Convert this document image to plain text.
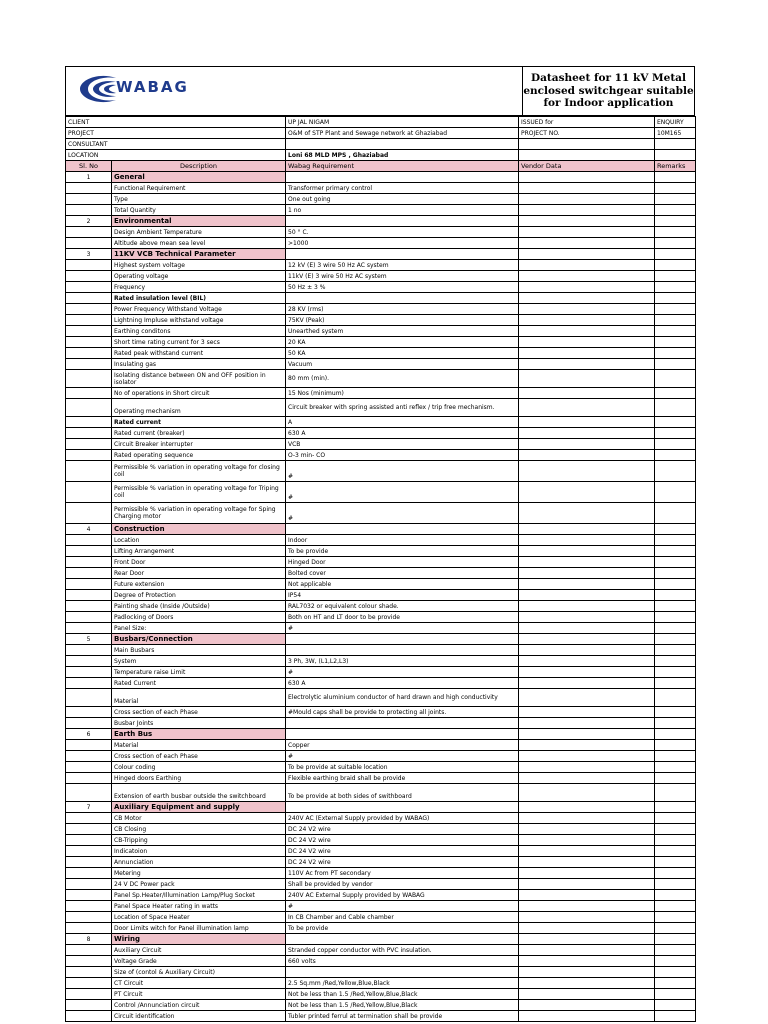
WABAG	Datasheet for 11 kV Metal
enclosed switchgear suitable
for Indoor application
CLIENT		UP JAL NIGAM	ISSUED for	ENQUIRY
PROJECT		O&M of STP Plant and Sewage network at Ghaziabad	PROJECT NO.	10M165
CONSULTANT				
LOCATION		Loni 68 MLD MPS , Ghaziabad		
Sl. No	Description	Wabag Requirement	Vendor Data	Remarks
1	General			
	Functional Requirement	Transformer primary control		
	Type	One out going		
	Total Quantity	1 no		
2	Environmental			
	Design Ambient Temperature	50 ° C.		
	Altitude above mean sea level	>1000		
3	11KV VCB Technical Parameter			
	Highest system voltage	12 kV (E) 3 wire 50 Hz AC system		
	Operating voltage	11kV (E) 3 wire 50 Hz AC system		
	Frequency	50 Hz ± 3 %		
	Rated insulation level (BIL)			
	Power Frequency Withstand Voltage	28 KV (rms)		
	Lightning Impluse withstand voltage	75KV (Peak)		
	Earthing conditons	Unearthed system		
	Short time rating current for 3 secs	20 KA		
	Rated peak withstand current	50 KA		
	Insulating gas	Vacuum		
	Isolating distance between ON and OFF position in isolator	80 mm (min).		
	No of operations in Short circuit	15 Nos (minimum)		
	Operating mechanism	Circuit breaker with spring assisted anti reflex / trip free mechanism.		
	Rated current	A		
	Rated current (breaker)	630 A		
	Circuit Breaker interrupter	VCB		
	Rated operating sequence	O-3 min- CO		
	Permissible % variation in operating voltage for closing coil	#		
	Permissible % variation in operating voltage for Triping coil	#		
	Permissible % variation in operating voltage for Sping Charging motor	#		
4	Construction			
	Location	Indoor		
	Lifting Arrangement	To be provide		
	Front Door	Hinged Door		
	Rear Door	Bolted cover		
	Future extension	Not applicable		
	Degree of Protection	IP54		
	Painting shade (Inside /Outside)	RAL7032 or equivalent colour shade.		
	Padlocking of Doors	Both on HT and LT door to be provide		
	Panel Size:	#		
5	Busbars/Connection			
	Main Busbars			
	System	3 Ph, 3W, (L1,L2,L3)		
	Temperature raise Limit	#		
	Rated Current	630 A		
	Material	Electrolytic aluminium conductor of hard drawn and high conductivity		
	Cross section of each Phase	#Mould caps shall be provide to protecting all joints.		
	Busbar Joints			
6	Earth Bus			
	Material	Copper		
	Cross section of each Phase	#		
	Colour coding	To be provide at suitable location		
	Hinged doors Earthing	Flexible earthing braid shall be provide		
	Extension of earth busbar outside the switchboard	To be provide at both sides of swithboard		
7	Auxiliary Equipment and supply			
	CB Motor	240V AC (External Supply provided by WABAG)		
	CB Closing	DC 24 V2 wire		
	CB-Tripping	DC 24 V2 wire		
	Indicatoion	DC 24 V2 wire		
	Annunciation	DC 24 V2 wire		
	Metering	110V Ac from PT secondary		
	24 V DC Power pack	Shall be provided by vendor		
	Panel Sp.Heater/Illumination Lamp/Plug Socket	240V AC External Supply provided by WABAG		
	Panel Space Heater rating in watts	#		
	Location of Space Heater	In CB Chamber and Cable chamber		
	Door Limits witch for Panel illumination lamp	To be provide		
8	Wiring			
	Auxiliary Circuit	Stranded copper conductor with PVC insulation.		
	Voltage Grade	660 volts		
	Size of (contol & Auxiliary Circuit)			
	CT Circuit	2.5 Sq.mm /Red,Yellow,Blue,Black		
	PT Circuit	Not be less than 1.5 /Red,Yellow,Blue,Black		
	Control /Annunciation circuit	Not be less than 1.5 /Red,Yellow,Blue,Black		
	Circuit identification	Tubler printed ferrul at termination shall be provide		
